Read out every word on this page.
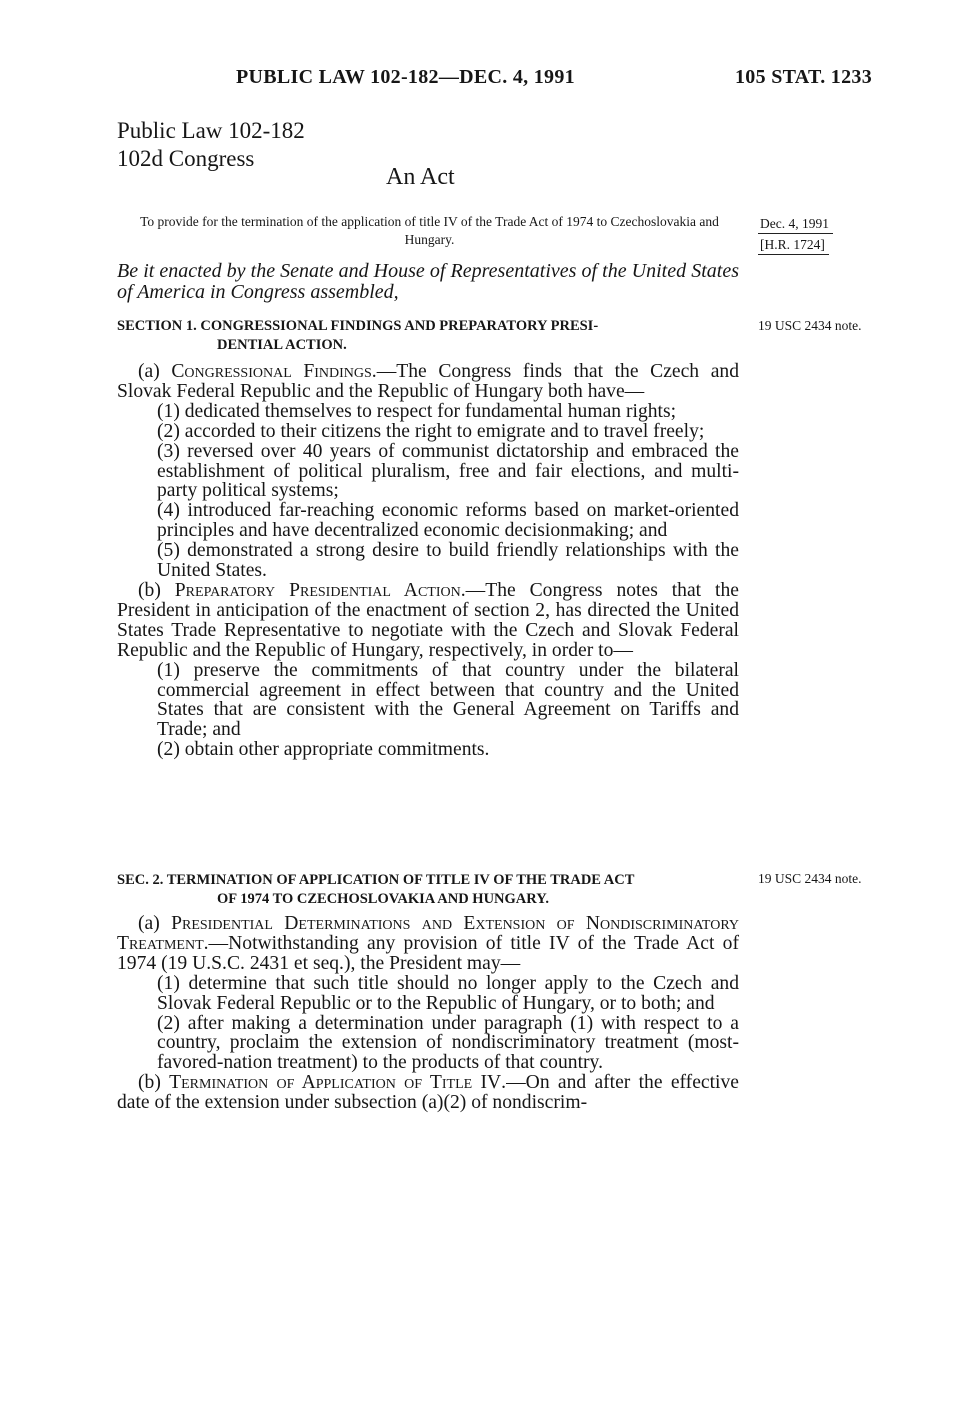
PUBLIC LAW 102-182—DEC. 4, 1991	105 STAT. 1233
Public Law 102-182
102d Congress
An Act
To provide for the termination of the application of title IV of the Trade Act of 1974 to Czechoslovakia and Hungary.
Dec. 4, 1991
[H.R. 1724]
Be it enacted by the Senate and House of Representatives of the United States of America in Congress assembled,
SECTION 1. CONGRESSIONAL FINDINGS AND PREPARATORY PRESI-
DENTIAL ACTION.
19 USC 2434 note.

(a) Congressional Findings.—The Congress finds that the Czech and Slovak Federal Republic and the Republic of Hungary both have—

(1) dedicated themselves to respect for fundamental human rights;

(2) accorded to their citizens the right to emigrate and to travel freely;

(3) reversed over 40 years of communist dictatorship and embraced the establishment of political pluralism, free and fair elections, and multi-party political systems;

(4) introduced far-reaching economic reforms based on market-oriented principles and have decentralized economic decisionmaking; and

(5) demonstrated a strong desire to build friendly relationships with the United States.

(b) Preparatory Presidential Action.—The Congress notes that the President in anticipation of the enactment of section 2, has directed the United States Trade Representative to negotiate with the Czech and Slovak Federal Republic and the Republic of Hungary, respectively, in order to—

(1) preserve the commitments of that country under the bilateral commercial agreement in effect between that country and the United States that are consistent with the General Agreement on Tariffs and Trade; and

(2) obtain other appropriate commitments.

SEC. 2. TERMINATION OF APPLICATION OF TITLE IV OF THE TRADE ACT
OF 1974 TO CZECHOSLOVAKIA AND HUNGARY.
19 USC 2434 note.

(a) Presidential Determinations and Extension of Nondiscriminatory Treatment.—Notwithstanding any provision of title IV of the Trade Act of 1974 (19 U.S.C. 2431 et seq.), the President may—

(1) determine that such title should no longer apply to the Czech and Slovak Federal Republic or to the Republic of Hungary, or to both; and

(2) after making a determination under paragraph (1) with respect to a country, proclaim the extension of nondiscriminatory treatment (most-favored-nation treatment) to the products of that country.

(b) Termination of Application of Title IV.—On and after the effective date of the extension under subsection (a)(2) of nondiscrim-
